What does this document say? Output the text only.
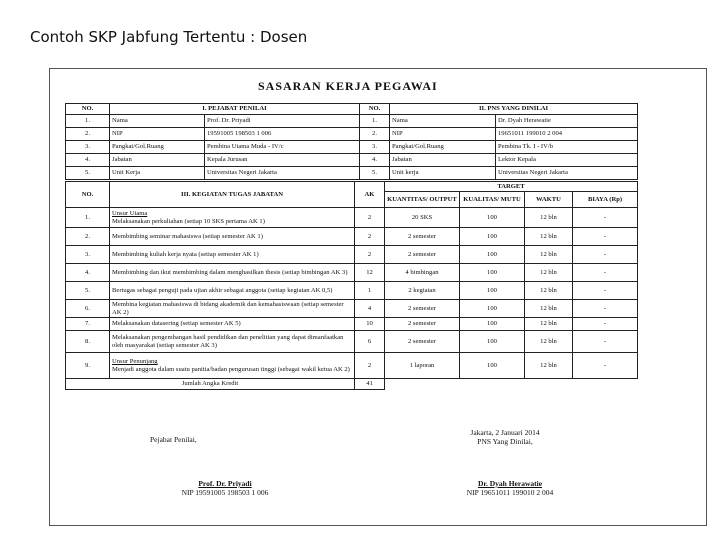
Contoh SKP Jabfung Tertentu : Dosen
SASARAN KERJA PEGAWAI
NO.	I. PEJABAT PENILAI		NO.	II. PNS YANG DINILAI	
1.	Nama	Prof. Dr. Priyadi	1.	Nama	Dr. Dyah Herawatie
2.	NIP	19591005 198503 1 006	2.	NIP	19651011 199010 2 004
3.	Pangkat/Gol.Ruang	Pembina Utama Muda - IV/c	3.	Pangkat/Gol.Ruang	Pembina Tk. I - IV/b
4.	Jabatan	Kepala Jurusan	4.	Jabatan	Lektor Kepala
5.	Unit Kerja	Universitas Negeri Jakarta	5.	Unit kerja	Universitas Negeri Jakarta
NO.	III. KEGIATAN TUGAS JABATAN	AK	TARGET			
			KUANTITAS/ OUTPUT	KUALITAS/ MUTU	WAKTU	BIAYA (Rp)
1.	Unsur Utama
Melaksanakan perkuliahan (setiap 10 SKS pertama AK 1)	2	20 SKS	100	12 bln	-
2.	Membimbing seminar mahasiswa (setiap semester AK 1)	2	2 semester	100	12 bln	-
3.	Membimbing kuliah kerja nyata (setiap semester AK 1)	2	2 semester	100	12 bln	-
4.	Membimbing dan ikut membimbing dalam menghasilkan thesis (setiap bimbingan AK 3)	12	4 bimbingan	100	12 bln	-
5.	Bertugas sebagai penguji pada ujian akhir sebagai anggota (setiap kegiatan AK 0,5)	1	2 kegiatan	100	12 bln	-
6.	Membina kegiatan mahasiswa di bidang akademik dan kemahasiswaan (setiap semester AK 2)	4	2 semester	100	12 bln	-
7.	Melaksanakan datasering (setiap semester AK 5)	10	2 semester	100	12 bln	-
8.	Melaksanakan pengembangan hasil pendidikan dan penelitian yang dapat dimanfaatkan oleh masyarakat (setiap semester AK 3)	6	2 semester	100	12 bln	-
9.	Unsur Penunjang
Menjadi anggota dalam suatu panitia/badan pengurusan tinggi (sebagai wakil ketua AK 2)	2	1 laporan	100	12 bln	-
Jumlah Angka Kredit		41				
Pejabat Penilai,
Prof. Dr. Priyadi
NIP 19591005 198503 1 006
Jakarta, 2 Januari 2014
PNS Yang Dinilai,
Dr. Dyah Herawatie
NIP 19651011 199010 2 004
